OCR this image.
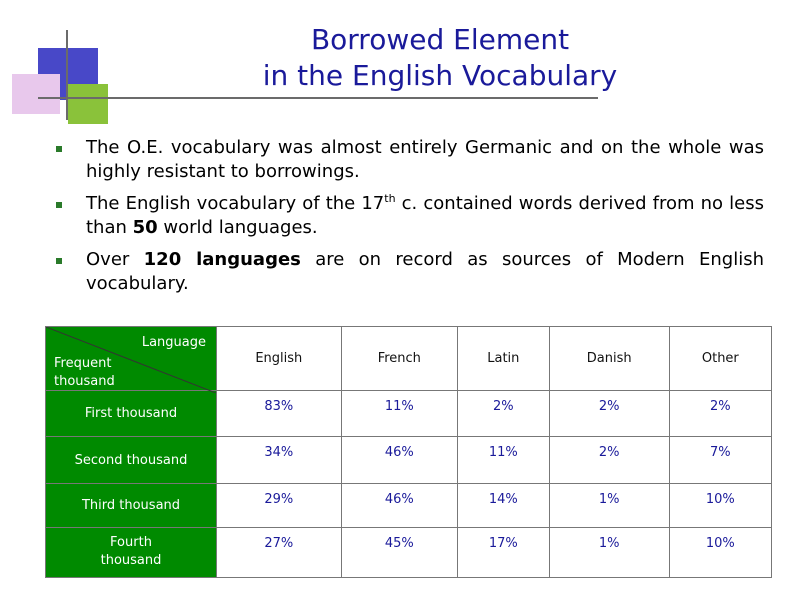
Borrowed Element
in the English Vocabulary
The O.E. vocabulary was almost entirely Germanic and on the whole was highly resistant to borrowings.
The English vocabulary of the 17th c. contained words derived from no less than 50 world languages.
Over 120 languages are on record as sources of Modern English vocabulary.
Language
Frequent
thousand	English	French	Latin	Danish	Other
First thousand	83%	11%	2%	2%	2%
Second thousand	34%	46%	11%	2%	7%
Third thousand	29%	46%	14%	1%	10%

Fourth
thousand	27%	45%	17%	1%	10%
